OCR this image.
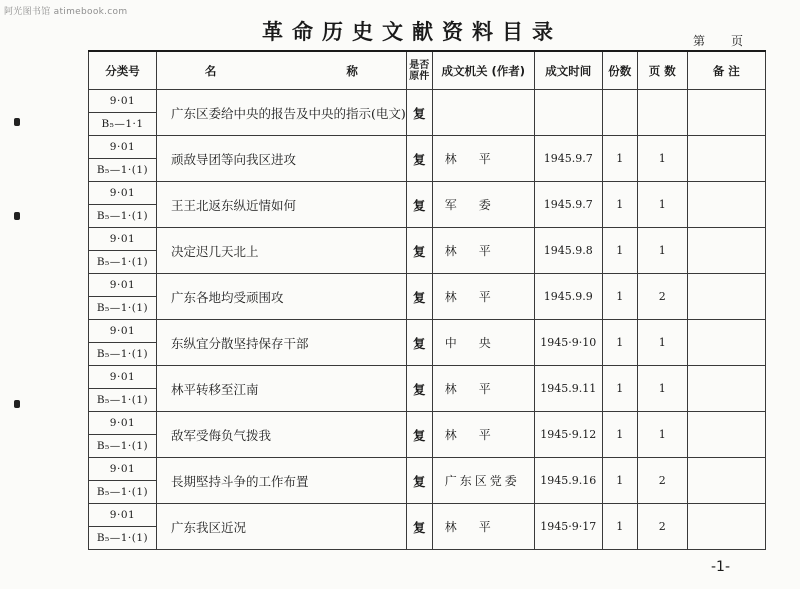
阿光图书馆 atimebook.com
革命历史文献资料目录	第 页
分类号	名 称	是否
原件	成文机关 (作者)	成文时间	份数	页 数	备 注
9·01	广东区委给中央的报告及中央的指示(电文)	复					
B₅—1·1							
9·01	顽敌导团等向我区进攻	复	林平	1945.9.7	1	1	
B₅—1·(1)							
9·01	王王北返东纵近情如何	复	军委	1945.9.7	1	1	
B₅—1·(1)							
9·01	决定迟几天北上	复	林平	1945.9.8	1	1	
B₅—1·(1)							
9·01	广东各地均受顽围攻	复	林平	1945.9.9	1	2	
B₅—1·(1)							
9·01	东纵宜分散坚持保存干部	复	中央	1945·9·10	1	1	
B₅—1·(1)							
9·01	林平转移至江南	复	林平	1945.9.11	1	1	
B₅—1·(1)							
9·01	敌军受侮负气拨我	复	林平	1945·9.12	1	1	
B₅—1·(1)							
9·01	長期堅持斗争的工作布置	复	广东区党委	1945.9.16	1	2	
B₅—1·(1)							
9·01	广东我区近况	复	林平	1945·9·17	1	2	
B₅—1·(1)							
-1-
